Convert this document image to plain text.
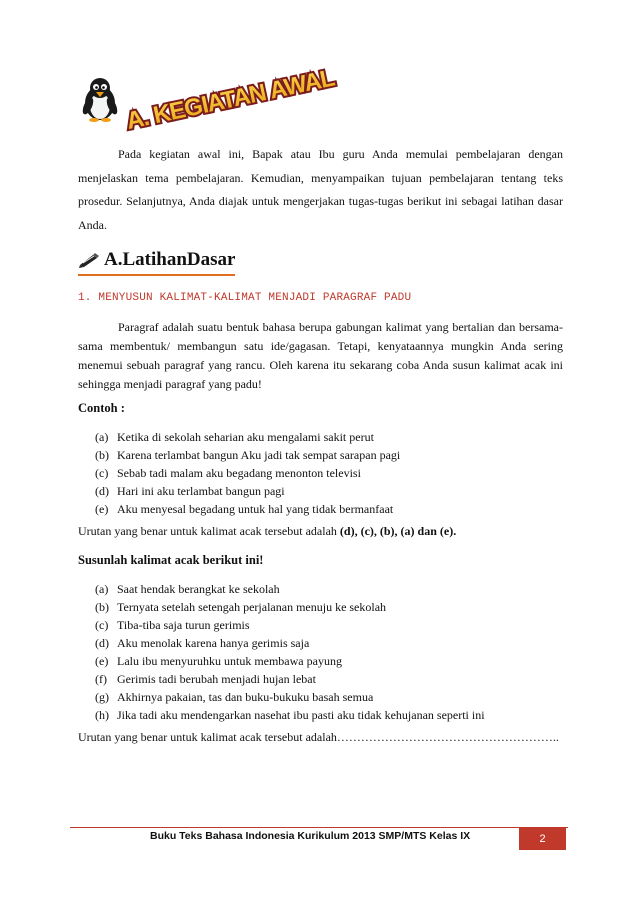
A. KEGIATAN AWAL

Pada kegiatan awal ini, Bapak atau Ibu guru Anda memulai pembelajaran dengan menjelaskan tema pembelajaran. Kemudian, menyampaikan tujuan pembelajaran tentang teks prosedur. Selanjutnya, Anda diajak untuk mengerjakan tugas-tugas berikut ini sebagai latihan dasar Anda.

A.LatihanDasar
1. MENYUSUN KALIMAT-KALIMAT MENJADI PARAGRAF PADU

Paragraf adalah suatu bentuk bahasa berupa gabungan kalimat yang bertalian dan bersama-sama membentuk/ membangun satu ide/gagasan. Tetapi, kenyataannya mungkin Anda sering menemui sebuah paragraf yang rancu. Oleh karena itu sekarang coba Anda susun kalimat acak ini sehingga menjadi paragraf yang padu!

Contoh :
(a) Ketika di sekolah seharian aku mengalami sakit perut
(b) Karena terlambat bangun Aku jadi tak sempat sarapan pagi
(c) Sebab tadi malam aku begadang menonton televisi
(d) Hari ini aku terlambat bangun pagi
(e) Aku menyesal begadang untuk hal yang tidak bermanfaat
Urutan yang benar untuk kalimat acak tersebut adalah (d), (c), (b), (a) dan (e).
Susunlah kalimat acak berikut ini!
(a) Saat hendak berangkat ke sekolah
(b) Ternyata setelah setengah perjalanan menuju ke sekolah
(c) Tiba-tiba saja turun gerimis
(d) Aku menolak karena hanya gerimis saja
(e) Lalu ibu menyuruhku untuk membawa payung
(f) Gerimis tadi berubah menjadi hujan lebat
(g) Akhirnya pakaian, tas dan buku-bukuku basah semua
(h) Jika tadi aku mendengarkan nasehat ibu pasti aku tidak kehujanan seperti ini
Urutan yang benar untuk kalimat acak tersebut adalah………………………………………………..
Buku Teks Bahasa Indonesia Kurikulum 2013 SMP/MTS Kelas IX	2
